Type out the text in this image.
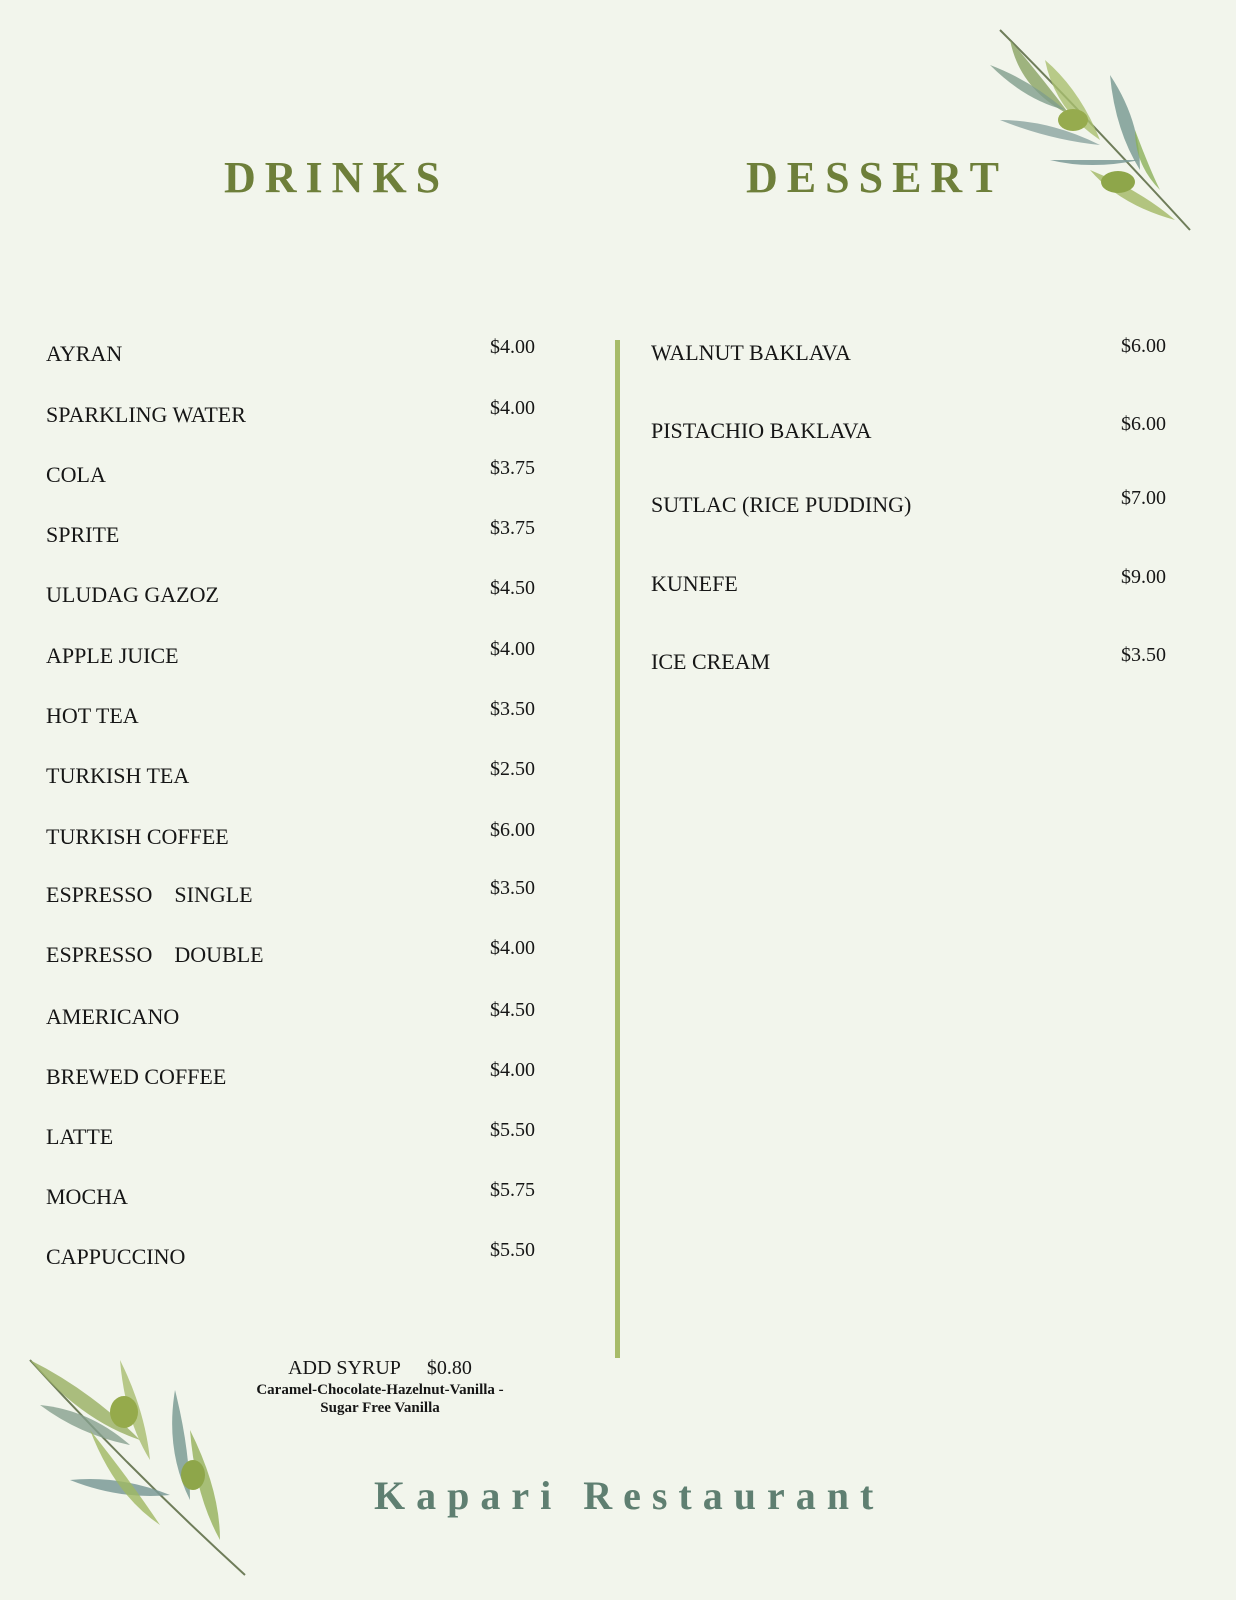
DRINKS	DESSERT
AYRAN	$4.00
SPARKLING WATER	$4.00
COLA	$3.75
SPRITE	$3.75
ULUDAG GAZOZ	$4.50
APPLE JUICE	$4.00
HOT TEA	$3.50
TURKISH TEA	$2.50
TURKISH COFFEE	$6.00
ESPRESSO    SINGLE	$3.50
ESPRESSO    DOUBLE	$4.00
AMERICANO	$4.50
BREWED COFFEE	$4.00
LATTE	$5.50
MOCHA	$5.75
CAPPUCCINO	$5.50
WALNUT BAKLAVA	$6.00
PISTACHIO BAKLAVA	$6.00
SUTLAC (RICE PUDDING)	$7.00
KUNEFE	$9.00
ICE CREAM	$3.50
ADD SYRUP $0.80
Caramel-Chocolate-Hazelnut-Vanilla -
Sugar Free Vanilla
Kapari Restaurant
